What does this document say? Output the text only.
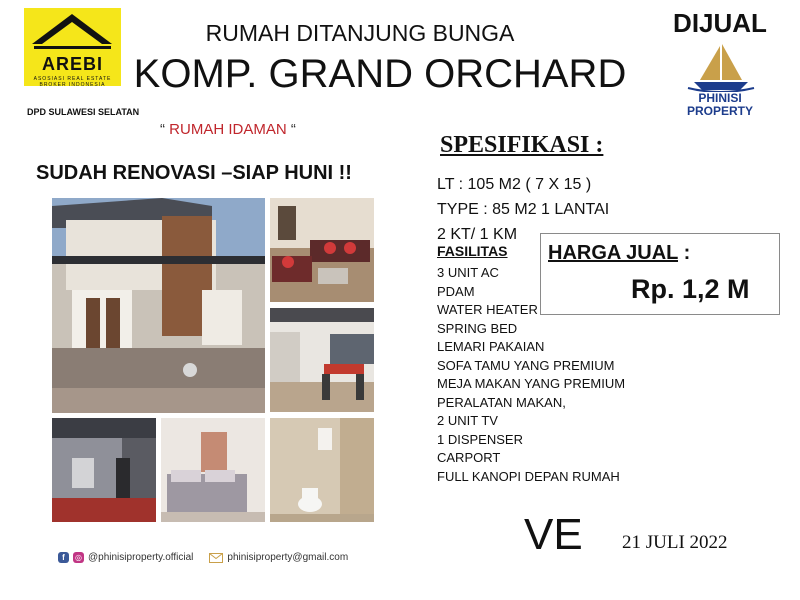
AREBI
ASOSIASI REAL ESTATE BROKER INDONESIA
DPD SULAWESI SELATAN
RUMAH DITANJUNG BUNGA
KOMP. GRAND ORCHARD
DIJUAL
PHINISI
PROPERTY
“ RUMAH IDAMAN “
SUDAH RENOVASI –SIAP HUNI !!
f	◎ @phinisiproperty.official	phinisiproperty@gmail.com
SPESIFIKASI :
LT : 105 M2 ( 7 X 15 )
TYPE : 85 M2 1 LANTAI
2 KT/ 1 KM
FASILITAS
3 UNIT AC
PDAM
WATER HEATER
SPRING BED
LEMARI PAKAIAN
SOFA TAMU YANG PREMIUM
MEJA MAKAN YANG PREMIUM
PERALATAN MAKAN,
2 UNIT TV
1 DISPENSER
CARPORT
FULL KANOPI DEPAN RUMAH
HARGA JUAL :
Rp. 1,2 M
VE 21 JULI 2022
